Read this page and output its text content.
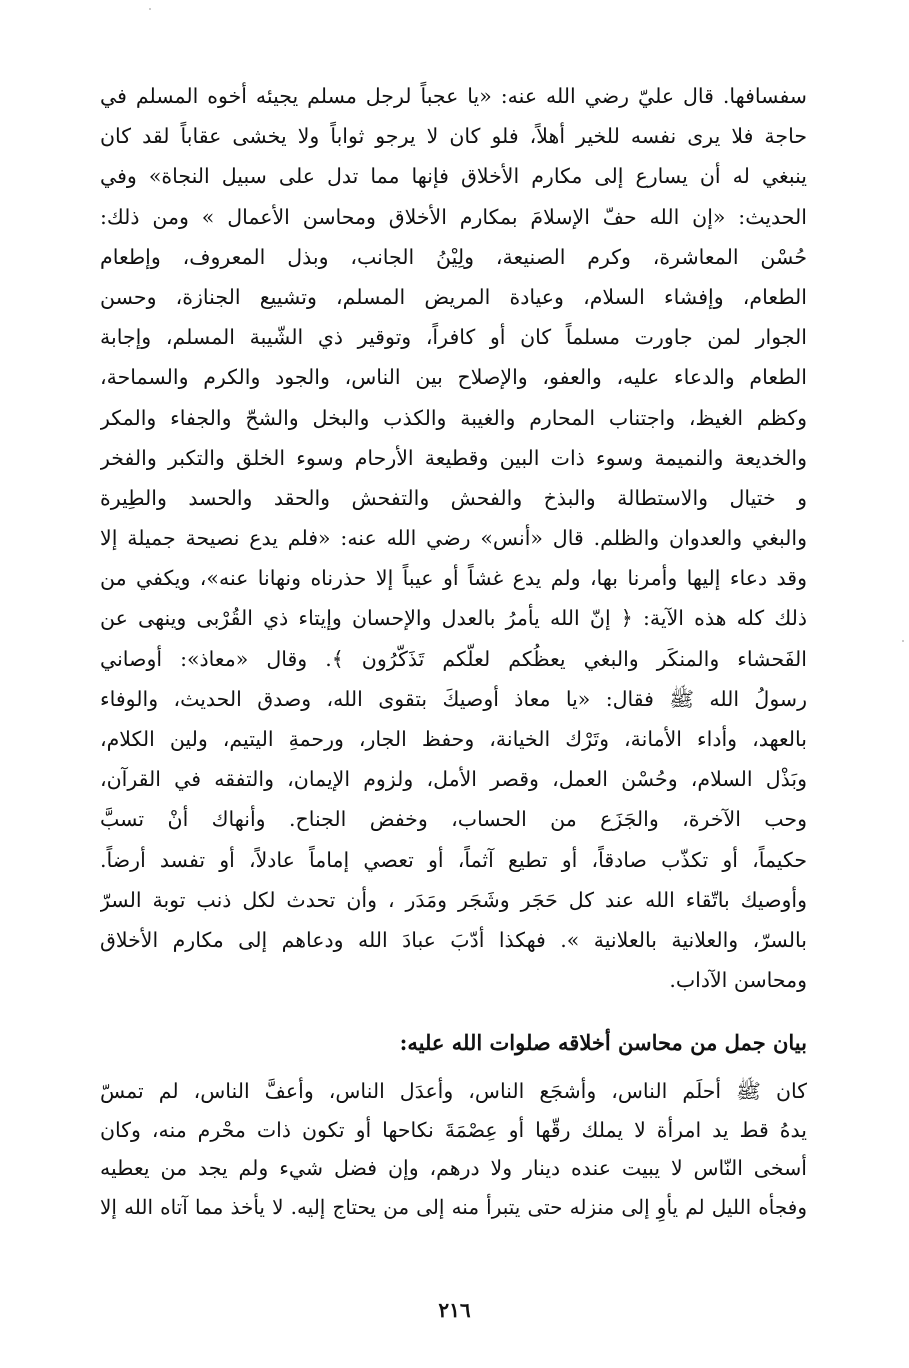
سفسافها. قال عليّ رضي الله عنه: «يا عجباً لرجل مسلم يجيئه أخوه المسلم في
حاجة فلا يرى نفسه للخير أهلاً، فلو كان لا يرجو ثواباً ولا يخشى عقاباً لقد كان
ينبغي له أن يسارع إلى مكارم الأخلاق فإنها مما تدل على سبيل النجاة» وفي
الحديث: «إن الله حفّ الإسلامَ بمكارم الأخلاق ومحاسن الأعمال » ومن ذلك:
حُسْن المعاشرة، وكرم الصنيعة، ولِيْنُ الجانب، وبذل المعروف، وإطعام
الطعام، وإفشاء السلام، وعيادة المريض المسلم، وتشييع الجنازة، وحسن
الجوار لمن جاورت مسلماً كان أو كافراً، وتوقير ذي الشّيبة المسلم، وإجابة
الطعام والدعاء عليه، والعفو، والإصلاح بين الناس، والجود والكرم والسماحة،
وكظم الغيظ، واجتناب المحارم والغيبة والكذب والبخل والشحّ والجفاء والمكر
والخديعة والنميمة وسوء ذات البين وقطيعة الأرحام وسوء الخلق والتكبر والفخر
و ختيال والاستطالة والبذخ والفحش والتفحش والحقد والحسد والطِيرة
والبغي والعدوان والظلم. قال «أنس» رضي الله عنه: «فلم يدع نصيحة جميلة إلا
وقد دعاء إليها وأمرنا بها، ولم يدع غشاً أو عيباً إلا حذرناه ونهانا عنه»، ويكفي من
ذلك كله هذه الآية: ﴿ إنّ الله يأمرُ بالعدل والإحسان وإيتاء ذي القُرْبى وينهى عن
الفَحشاء والمنكَر والبغي يعظُكم لعلّكم تَذَكّرُون ﴾. وقال «معاذ»: أوصاني
رسولُ الله ﷺ فقال: «يا معاذ أوصيكَ بتقوى الله، وصدق الحديث، والوفاء
بالعهد، وأداء الأمانة، وتَرْك الخيانة، وحفظ الجار، ورحمةِ اليتيم، ولين الكلام،
وبَذْل السلام، وحُسْن العمل، وقصر الأمل، ولزوم الإيمان، والتفقه في القرآن،
وحب الآخرة، والجَزَع من الحساب، وخفض الجناح. وأنهاك أنْ تسبَّ
حكيماً، أو تكذّب صادقاً، أو تطيع آثماً، أو تعصي إماماً عادلاً، أو تفسد أرضاً.
وأوصيك باتّقاء الله عند كل حَجَر وشَجَر ومَدَر ، وأن تحدث لكل ذنب توبة السرّ
بالسرّ، والعلانية بالعلانية ». فهكذا أدّبَ عبادَ الله ودعاهم إلى مكارم الأخلاق
ومحاسن الآداب.
بيان جمل من محاسن أخلاقه صلوات الله عليه:
كان ﷺ أحلَم الناس، وأشجَع الناس، وأعدَل الناس، وأعفَّ الناس، لم تمسّ
يدهُ قط يد امرأة لا يملك رقّها أو عِصْمَةَ نكاحها أو تكون ذات محْرم منه، وكان
أسخى النّاس لا يبيت عنده دينار ولا درهم، وإن فضل شيء ولم يجد من يعطيه
وفجأه الليل لم يأوِ إلى منزله حتى يتبرأ منه إلى من يحتاج إليه. لا يأخذ مما آتاه الله إلا
٢١٦
